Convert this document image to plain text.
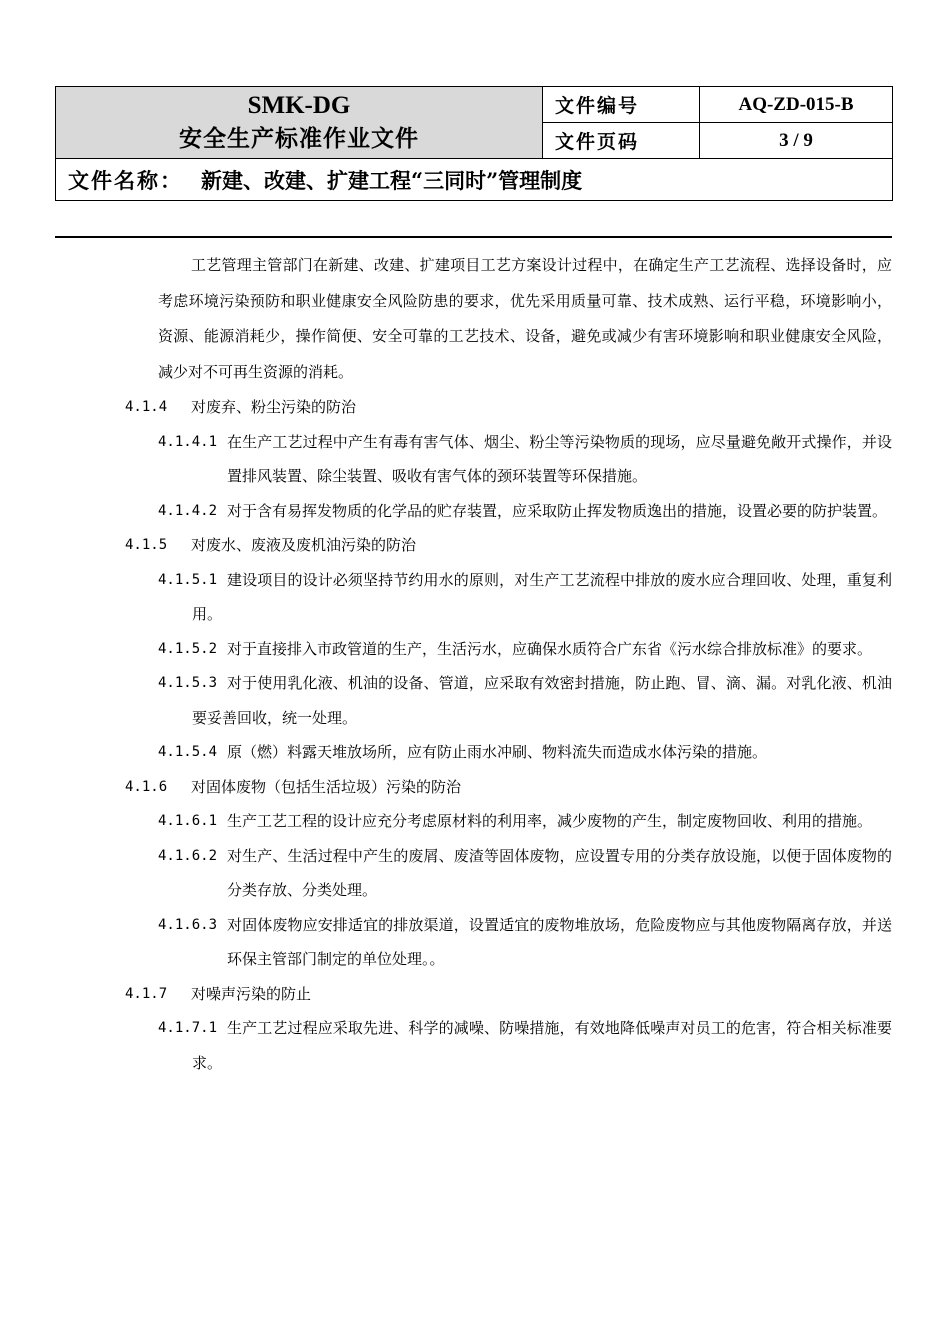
SMK-DG
安全生产标准作业文件	文件编号	AQ-ZD-015-B
	文件页码	3 / 9
文件名称： 新建、改建、扩建工程“三同时”管理制度		

工艺管理主管部门在新建、改建、扩建项目工艺方案设计过程中，在确定生产工艺流程、选择设备时，应考虑环境污染预防和职业健康安全风险防患的要求，优先采用质量可靠、技术成熟、运行平稳，环境影响小，资源、能源消耗少，操作简便、安全可靠的工艺技术、设备，避免或减少有害环境影响和职业健康安全风险，减少对不可再生资源的消耗。

4.1.4	对废弃、粉尘污染的防治
4.1.4.1 在生产工艺过程中产生有毒有害气体、烟尘、粉尘等污染物质的现场，应尽量避免敞开式操作，并设置排风装置、除尘装置、吸收有害气体的颈环装置等环保措施。
4.1.4.2 对于含有易挥发物质的化学品的贮存装置，应采取防止挥发物质逸出的措施，设置必要的防护装置。
4.1.5	对废水、废液及废机油污染的防治
4.1.5.1 建设项目的设计必须坚持节约用水的原则，对生产工艺流程中排放的废水应合理回收、处理，重复利用。
4.1.5.2 对于直接排入市政管道的生产，生活污水，应确保水质符合广东省《污水综合排放标准》的要求。
4.1.5.3 对于使用乳化液、机油的设备、管道，应采取有效密封措施，防止跑、冒、滴、漏。对乳化液、机油要妥善回收，统一处理。
4.1.5.4 原（燃）料露天堆放场所，应有防止雨水冲刷、物料流失而造成水体污染的措施。
4.1.6	对固体废物（包括生活垃圾）污染的防治
4.1.6.1 生产工艺工程的设计应充分考虑原材料的利用率，减少废物的产生，制定废物回收、利用的措施。
4.1.6.2 对生产、生活过程中产生的废屑、废渣等固体废物，应设置专用的分类存放设施，以便于固体废物的分类存放、分类处理。
4.1.6.3 对固体废物应安排适宜的排放渠道，设置适宜的废物堆放场，危险废物应与其他废物隔离存放，并送环保主管部门制定的单位处理。。
4.1.7	对噪声污染的防止
4.1.7.1 生产工艺过程应采取先进、科学的减噪、防噪措施，有效地降低噪声对员工的危害，符合相关标准要求。
